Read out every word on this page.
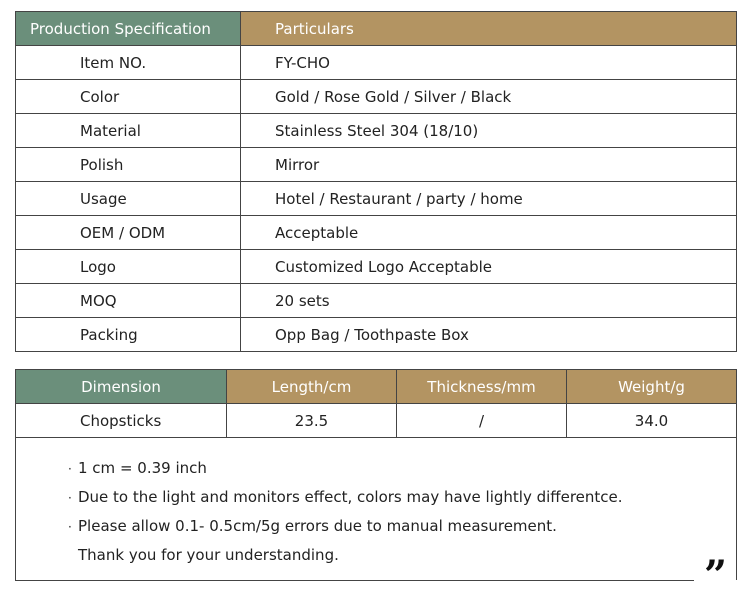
Production Specification	Particulars
Item NO.	FY-CHO
Color	Gold / Rose Gold / Silver / Black
Material	Stainless Steel 304 (18/10)
Polish	Mirror
Usage	Hotel / Restaurant / party / home
OEM / ODM	Acceptable
Logo	Customized Logo Acceptable
MOQ	20 sets
Packing	Opp Bag / Toothpaste Box
Dimension	Length/cm	Thickness/mm	Weight/g
Chopsticks	23.5	/	34.0
· 1 cm = 0.39 inch
· Due to the light and monitors effect, colors may have lightly differentce.
· Please allow 0.1- 0.5cm/5g errors due to manual measurement.
Thank you for your understanding.	”
